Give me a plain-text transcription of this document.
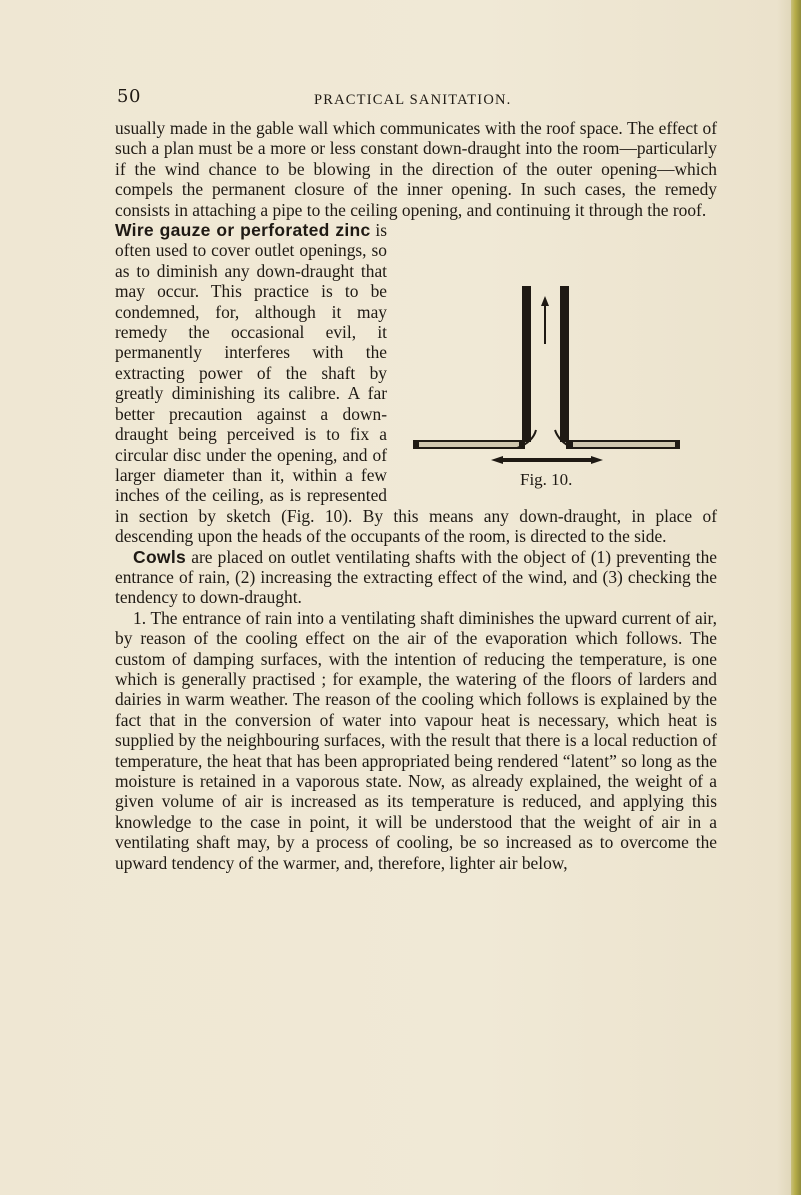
50	PRACTICAL SANITATION.

usually made in the gable wall which communicates with the roof space. The effect of such a plan must be a more or less constant down-draught into the room—particularly if the wind chance to be blowing in the direction of the outer opening—which compels the permanent closure of the inner opening. In such cases, the remedy consists in attaching a pipe to the ceiling opening, and continuing it through the roof.

Fig. 10.
Wire gauze or perforated zinc is often used to cover outlet openings, so as to diminish any down-draught that may occur. This practice is to be condemned, for, although it may remedy the occasional evil, it permanently interferes with the extracting power of the shaft by greatly diminishing its calibre. A far better precaution against a down-draught being perceived is to fix a circular disc under the opening, and of larger diameter than it, within a few inches of the ceiling, as is represented in section by sketch (Fig. 10). By this means any down-draught, in place of descending upon the heads of the occupants of the room, is directed to the side.

Cowls are placed on outlet ventilating shafts with the object of (1) preventing the entrance of rain, (2) increasing the extracting effect of the wind, and (3) checking the tendency to down-draught.

1. The entrance of rain into a ventilating shaft diminishes the upward current of air, by reason of the cooling effect on the air of the evaporation which follows. The custom of damping surfaces, with the intention of reducing the temperature, is one which is generally practised ; for example, the watering of the floors of larders and dairies in warm weather. The reason of the cooling which follows is explained by the fact that in the conversion of water into vapour heat is necessary, which heat is supplied by the neighbouring surfaces, with the result that there is a local reduction of temperature, the heat that has been appropriated being rendered “latent” so long as the moisture is retained in a vaporous state. Now, as already explained, the weight of a given volume of air is increased as its temperature is reduced, and applying this knowledge to the case in point, it will be understood that the weight of air in a ventilating shaft may, by a process of cooling, be so increased as to overcome the upward tendency of the warmer, and, therefore, lighter air below,
